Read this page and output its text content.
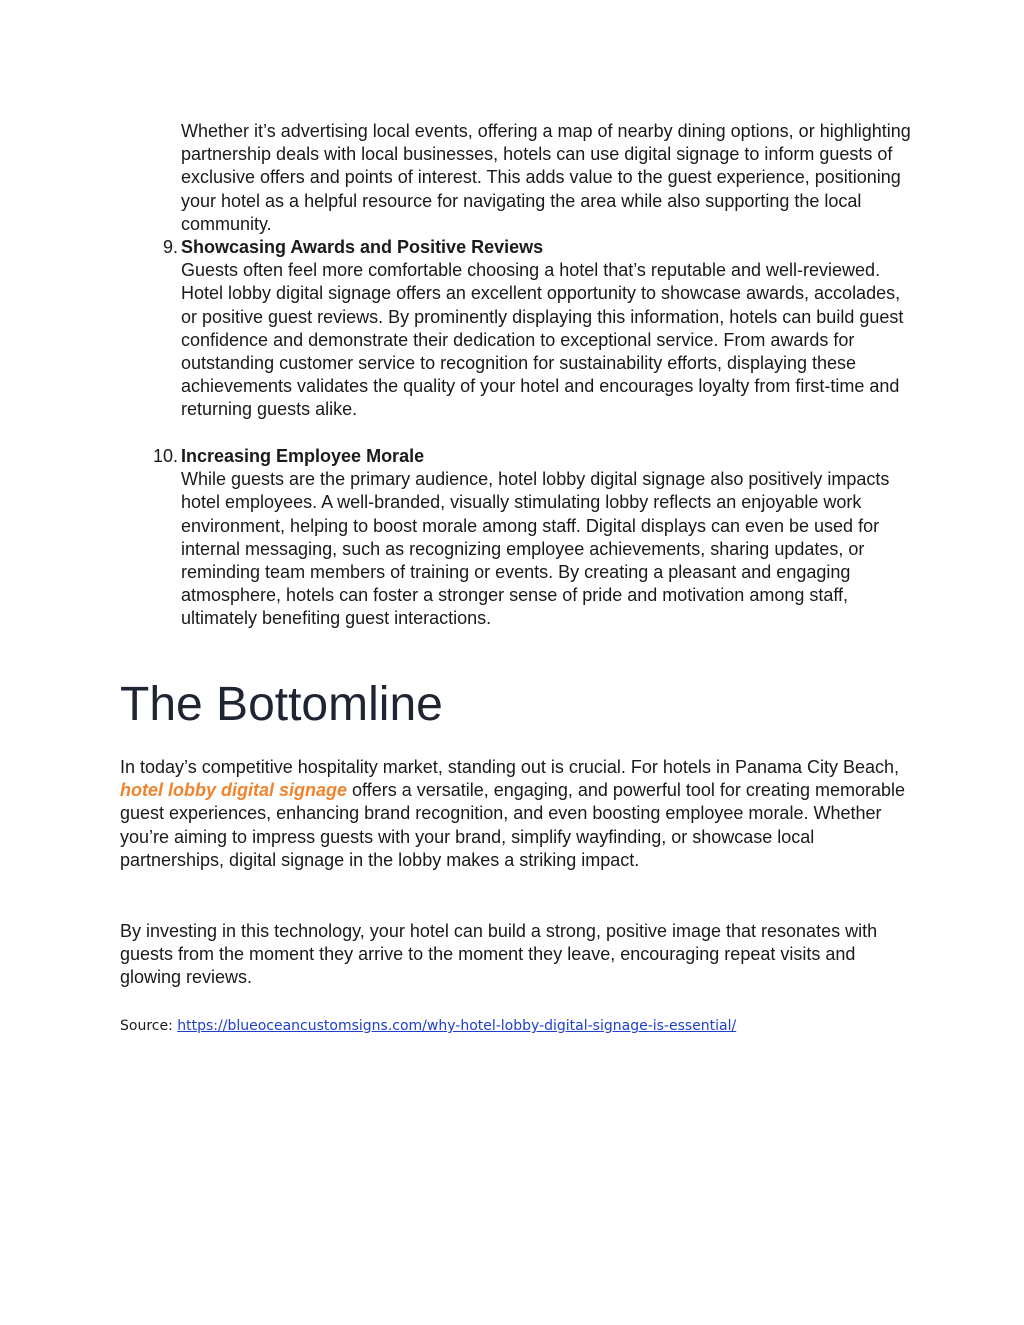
Whether it’s advertising local events, offering a map of nearby dining options, or highlighting partnership deals with local businesses, hotels can use digital signage to inform guests of exclusive offers and points of interest. This adds value to the guest experience, positioning your hotel as a helpful resource for navigating the area while also supporting the local community.

9. Showcasing Awards and Positive Reviews
Guests often feel more comfortable choosing a hotel that’s reputable and well-reviewed. Hotel lobby digital signage offers an excellent opportunity to showcase awards, accolades, or positive guest reviews. By prominently displaying this information, hotels can build guest confidence and demonstrate their dedication to exceptional service. From awards for outstanding customer service to recognition for sustainability efforts, displaying these achievements validates the quality of your hotel and encourages loyalty from first-time and returning guests alike.
10. Increasing Employee Morale
While guests are the primary audience, hotel lobby digital signage also positively impacts hotel employees. A well-branded, visually stimulating lobby reflects an enjoyable work environment, helping to boost morale among staff. Digital displays can even be used for internal messaging, such as recognizing employee achievements, sharing updates, or reminding team members of training or events. By creating a pleasant and engaging atmosphere, hotels can foster a stronger sense of pride and motivation among staff, ultimately benefiting guest interactions.
The Bottomline

In today’s competitive hospitality market, standing out is crucial. For hotels in Panama City Beach, hotel lobby digital signage offers a versatile, engaging, and powerful tool for creating memorable guest experiences, enhancing brand recognition, and even boosting employee morale. Whether you’re aiming to impress guests with your brand, simplify wayfinding, or showcase local partnerships, digital signage in the lobby makes a striking impact.

By investing in this technology, your hotel can build a strong, positive image that resonates with guests from the moment they arrive to the moment they leave, encouraging repeat visits and glowing reviews.

Source: https://blueoceancustomsigns.com/why-hotel-lobby-digital-signage-is-essential/
